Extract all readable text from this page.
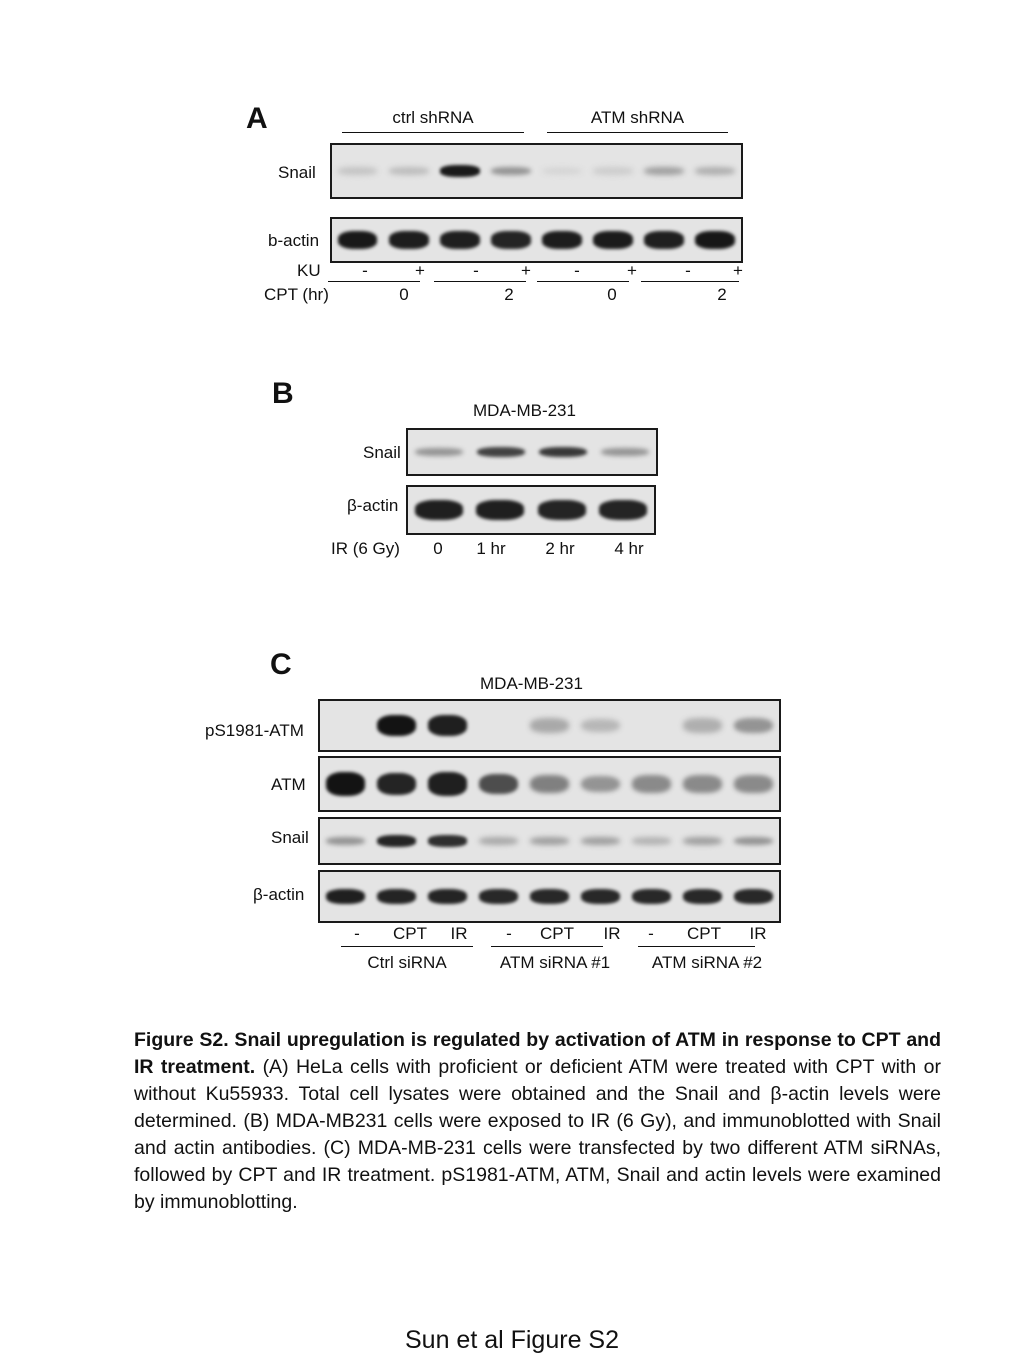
A	ctrl shRNA	ATM shRNA
Snail
b-actin
KU	-	+	-	+	-	+	-	+
CPT (hr)	0	2	0	2
B
MDA-MB-231
Snail
β-actin
IR (6 Gy)	0	1 hr	2 hr	4 hr
C
MDA-MB-231
pS1981-ATM
ATM
Snail
β-actin
-	CPT	IR	-	CPT	IR	-	CPT	IR
Ctrl siRNA	ATM siRNA #1	ATM siRNA #2
Figure S2. Snail upregulation is regulated by activation of ATM in response to CPT and IR treatment. (A) HeLa cells with proficient or deficient ATM were treated with CPT with or without Ku55933. Total cell lysates were obtained and the Snail and β-actin levels were determined. (B) MDA-MB231 cells were exposed to IR (6 Gy), and immunoblotted with Snail and actin antibodies. (C) MDA-MB-231 cells were transfected by two different ATM siRNAs, followed by CPT and IR treatment. pS1981-ATM, ATM, Snail and actin levels were examined by immunoblotting.
Sun et al Figure S2
